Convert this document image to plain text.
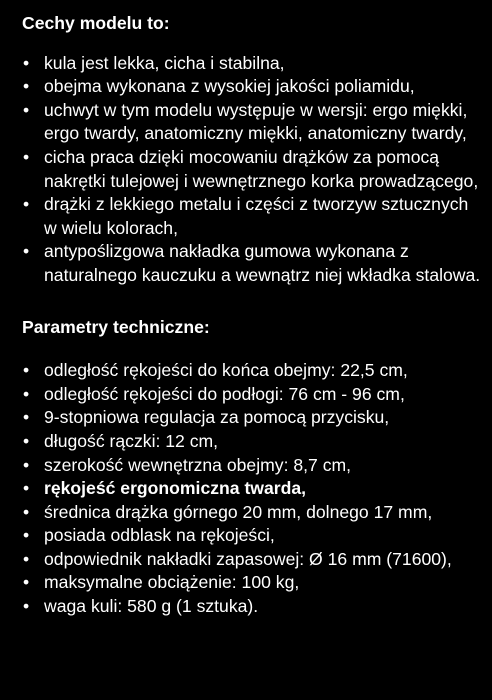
Cechy modelu to:

• kula jest lekka, cicha i stabilna,
• obejma wykonana z wysokiej jakości poliamidu,
• uchwyt w tym modelu występuje w wersji: ergo miękki, ergo twardy, anatomiczny miękki, anatomiczny twardy,
• cicha praca dzięki mocowaniu drążków za pomocą nakrętki tulejowej i wewnętrznego korka prowadzącego,
• drążki z lekkiego metalu i części z tworzyw sztucznych w wielu kolorach,
• antypoślizgowa nakładka gumowa wykonana z naturalnego kauczuku a wewnątrz niej wkładka stalowa.

Parametry techniczne:

• odległość rękojeści do końca obejmy: 22,5 cm,
• odległość rękojeści do podłogi: 76 cm - 96 cm,
• 9-stopniowa regulacja za pomocą przycisku,
• długość rączki: 12 cm,
• szerokość wewnętrzna obejmy: 8,7 cm,
• rękojeść ergonomiczna twarda,
• średnica drążka górnego 20 mm, dolnego 17 mm,
• posiada odblask na rękojeści,
• odpowiednik nakładki zapasowej: Ø 16 mm (71600),
• maksymalne obciążenie: 100 kg,
• waga kuli: 580 g (1 sztuka).
